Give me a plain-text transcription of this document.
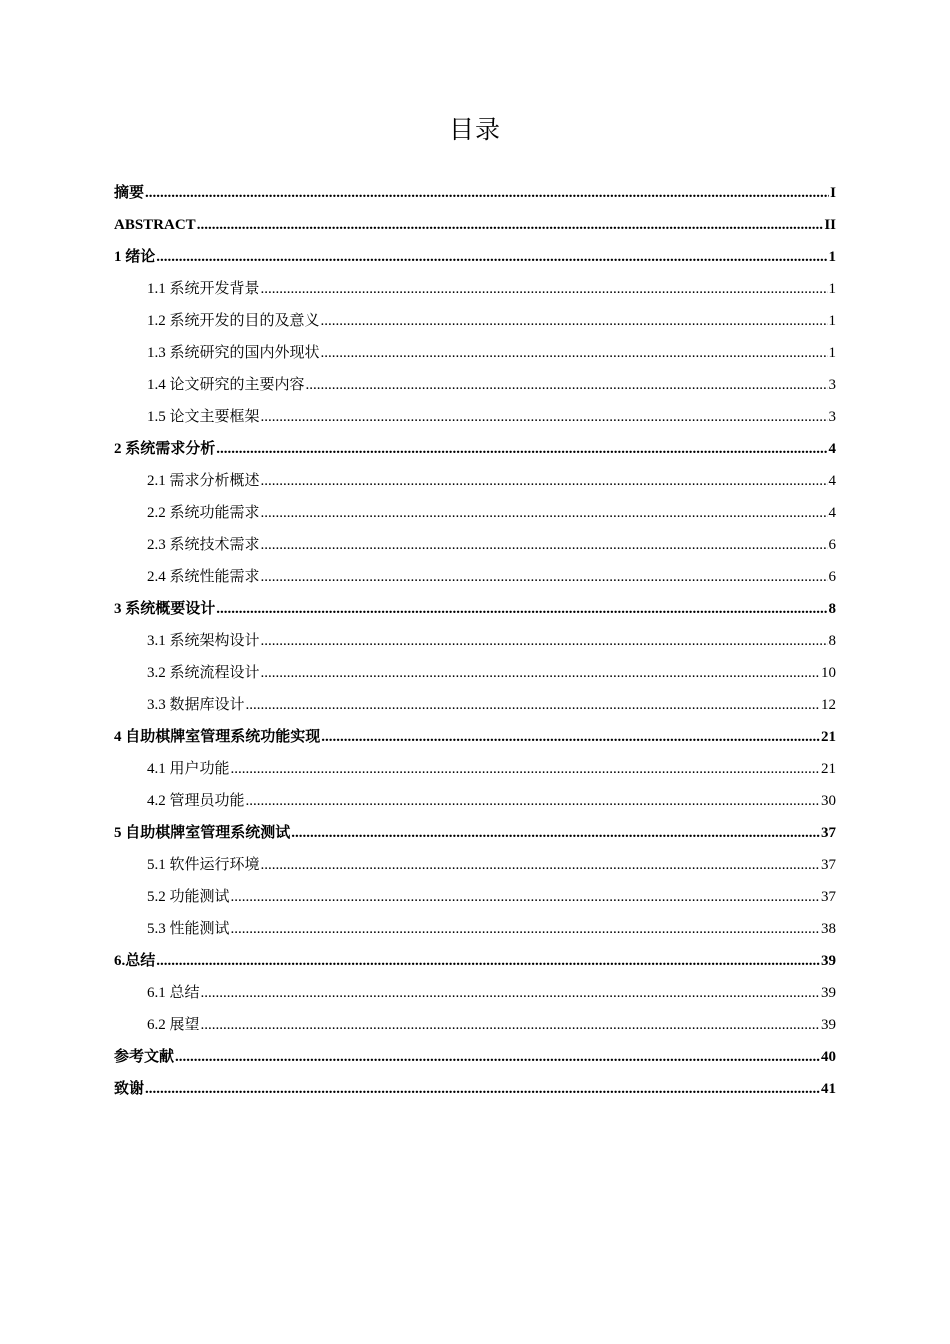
目录
摘要 .....	I
ABSTRACT .....	II
1 绪论 .....	1
1.1 系统开发背景 .....	1
1.2 系统开发的目的及意义 .....	1
1.3 系统研究的国内外现状 .....	1
1.4 论文研究的主要内容 .....	3
1.5 论文主要框架 .....	3
2 系统需求分析 .....	4
2.1 需求分析概述 .....	4
2.2 系统功能需求 .....	4
2.3 系统技术需求 .....	6
2.4 系统性能需求 .....	6
3 系统概要设计 .....	8
3.1 系统架构设计 .....	8
3.2 系统流程设计 .....	10
3.3 数据库设计 .....	12
4 自助棋牌室管理系统功能实现 .....	21
4.1 用户功能 .....	21
4.2 管理员功能 .....	30
5 自助棋牌室管理系统测试 .....	37
5.1 软件运行环境 .....	37
5.2 功能测试 .....	37
5.3 性能测试 .....	38
6.总结 .....	39
6.1 总结 .....	39
6.2 展望 .....	39
参考文献 .....	40
致谢 .....	41
